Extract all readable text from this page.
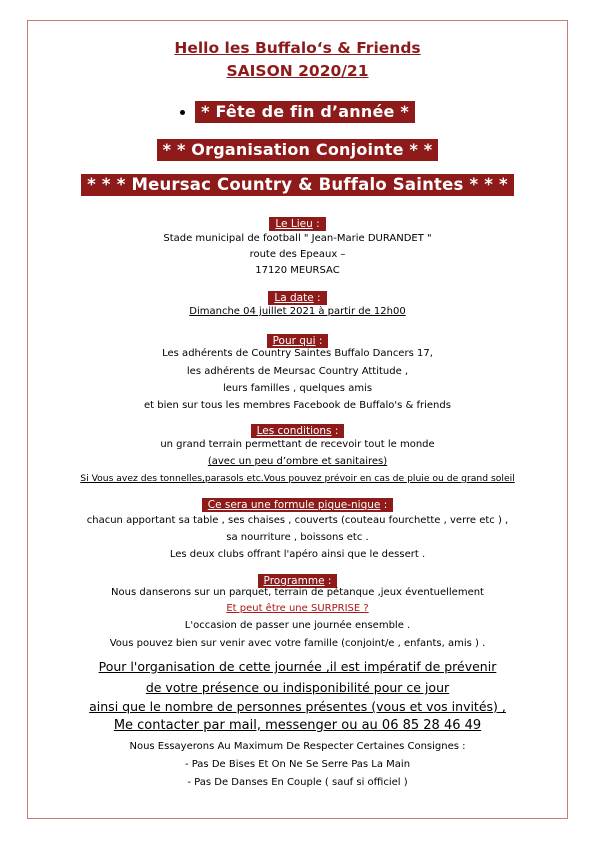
Hello les Buffalo‘s & Friends
SAISON 2020/21
* Fête de fin d’année *
* * Organisation Conjointe * *
* * * Meursac Country & Buffalo Saintes * * *
Le Lieu :
Stade municipal de football " Jean-Marie DURANDET "
route des Epeaux –
17120 MEURSAC
La date :
Dimanche 04 juillet 2021 à partir de 12h00
Pour qui :
Les adhérents de Country Saintes Buffalo Dancers 17,
les adhérents de Meursac Country Attitude ,
leurs familles , quelques amis
et bien sur tous les membres Facebook de Buffalo's & friends
Les conditions :
un grand terrain permettant de recevoir tout le monde
(avec un peu d’ombre et sanitaires)
Si Vous avez des tonnelles,parasols etc.Vous pouvez prévoir en cas de pluie ou de grand soleil
Ce sera une formule pique-nique :
chacun apportant sa table , ses chaises , couverts (couteau fourchette , verre etc ) ,
sa nourriture , boissons etc .
Les deux clubs offrant l'apéro ainsi que le dessert .
Programme :
Nous danserons sur un parquet, terrain de pétanque ,jeux éventuellement
Et peut être une SURPRISE ?
L'occasion de passer une journée ensemble .
Vous pouvez bien sur venir avec votre famille (conjoint/e , enfants, amis ) .
Pour l'organisation de cette journée ,il est impératif de prévenir
de votre présence ou indisponibilité pour ce jour
ainsi que le nombre de personnes présentes (vous et vos invités) ,
Me contacter par mail, messenger ou au 06 85 28 46 49
Nous Essayerons Au Maximum De Respecter Certaines Consignes :
- Pas De Bises Et On Ne Se Serre Pas La Main
- Pas De Danses En Couple ( sauf si officiel )
